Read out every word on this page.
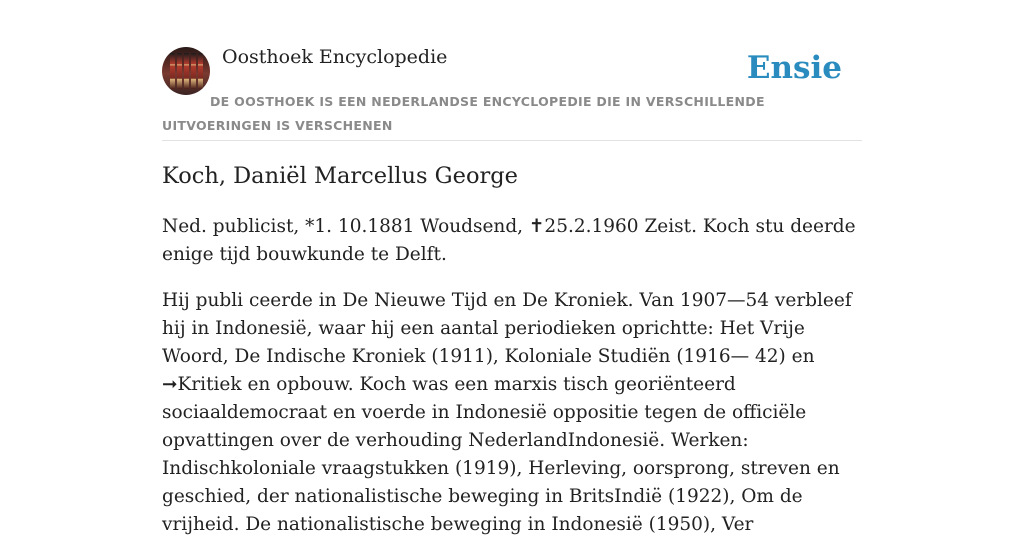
Oosthoek Encyclopedie	Ensie
DE OOSTHOEK IS EEN NEDERLANDSE ENCYCLOPEDIE DIE IN VERSCHILLENDE UITVOERINGEN IS VERSCHENEN
Koch, Daniël Marcellus George

Ned. publicist, *1. 10.1881 Woudsend, ✝25.2.1960 Zeist. Koch stu deerde enige tijd bouwkunde te Delft.

Hij publi ceerde in De Nieuwe Tijd en De Kroniek. Van 1907—54 verbleef hij in Indonesië, waar hij een aantal periodieken oprichtte: Het Vrije Woord, De Indische Kroniek (1911), Koloniale Studiën (1916— 42) en ➞Kritiek en opbouw. Koch was een marxis tisch georiënteerd sociaaldemocraat en voerde in Indonesië oppositie tegen de officiële opvattingen over de verhouding NederlandIndonesië. Werken: Indischkoloniale vraagstukken (1919), Herleving, oorsprong, streven en geschied, der nationalistische beweging in BritsIndië (1922), Om de vrijheid. De nationalistische beweging in Indonesië (1950), Ver
